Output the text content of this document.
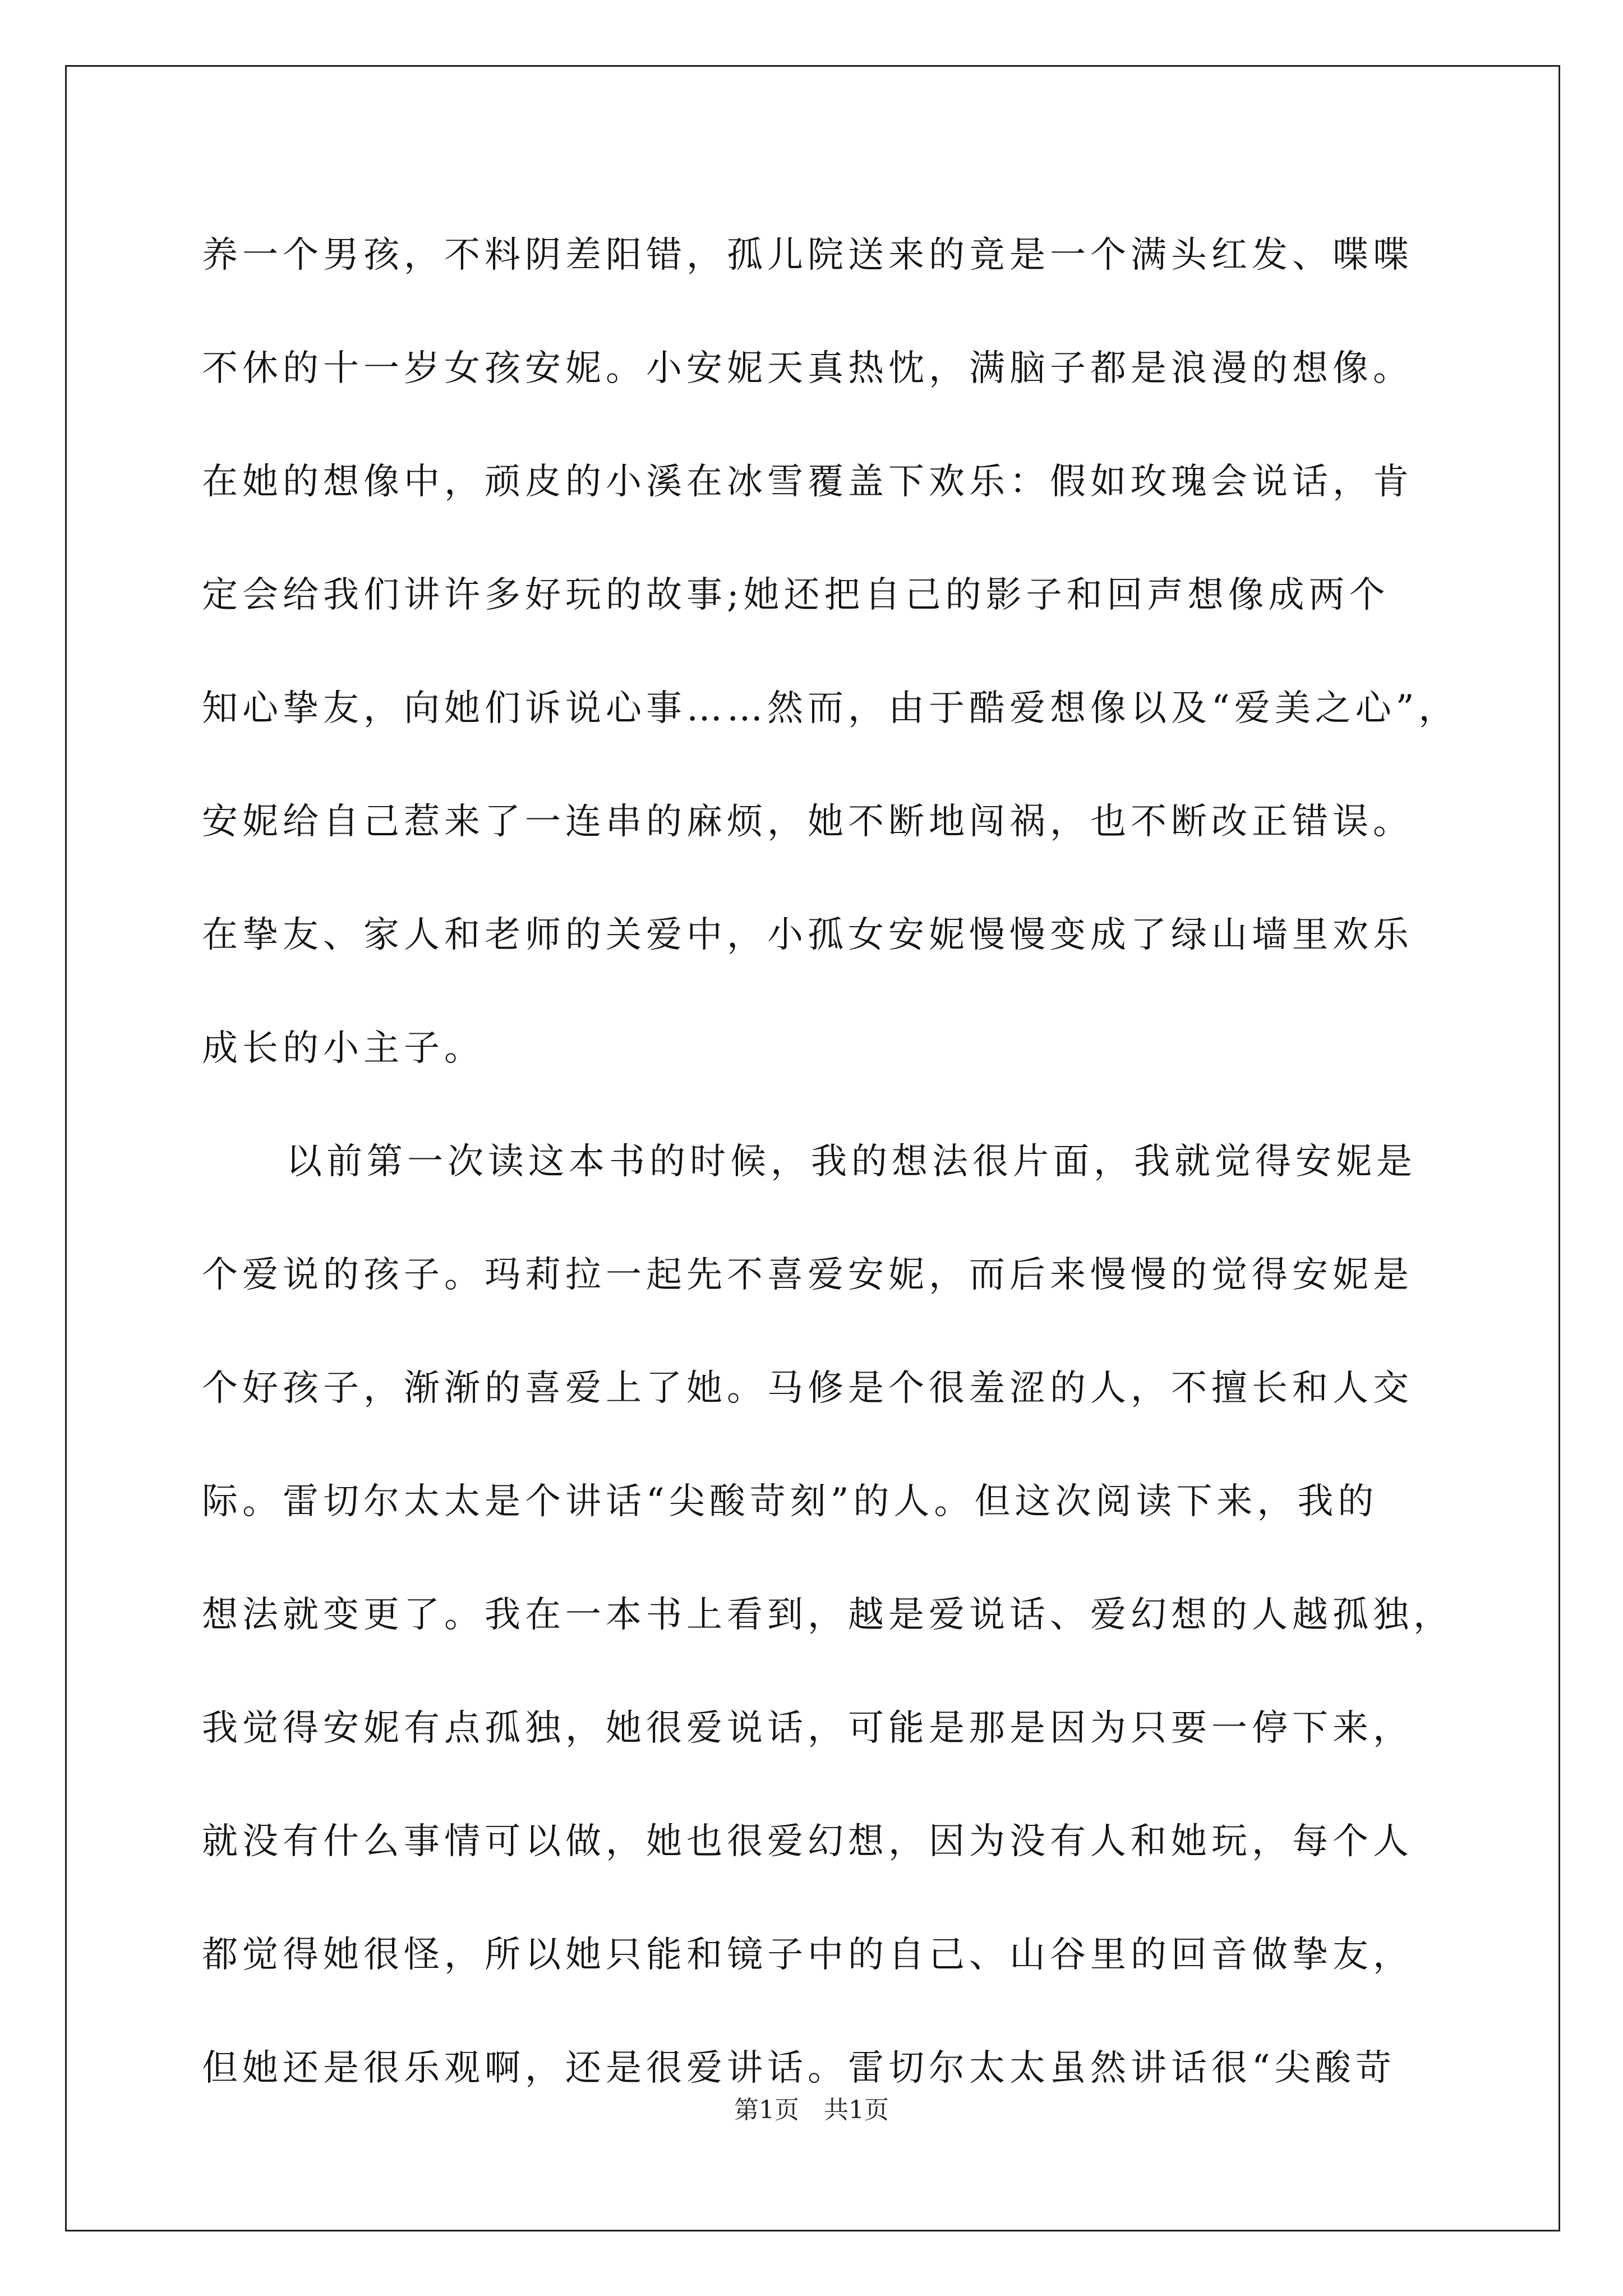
养一个男孩，不料阴差阳错，孤儿院送来的竟是一个满头红发、喋喋
不休的十一岁女孩安妮。小安妮天真热忱，满脑子都是浪漫的想像。
在她的想像中，顽皮的小溪在冰雪覆盖下欢乐：假如玫瑰会说话，肯
定会给我们讲许多好玩的故事;她还把自己的影子和回声想像成两个
知心挚友，向她们诉说心事……然而，由于酷爱想像以及“爱美之心”，
安妮给自己惹来了一连串的麻烦，她不断地闯祸，也不断改正错误。
在挚友、家人和老师的关爱中，小孤女安妮慢慢变成了绿山墙里欢乐
成长的小主子。
以前第一次读这本书的时候，我的想法很片面，我就觉得安妮是
个爱说的孩子。玛莉拉一起先不喜爱安妮，而后来慢慢的觉得安妮是
个好孩子，渐渐的喜爱上了她。马修是个很羞涩的人，不擅长和人交
际。雷切尔太太是个讲话“尖酸苛刻”的人。但这次阅读下来，我的
想法就变更了。我在一本书上看到，越是爱说话、爱幻想的人越孤独，
我觉得安妮有点孤独，她很爱说话，可能是那是因为只要一停下来，
就没有什么事情可以做，她也很爱幻想，因为没有人和她玩，每个人
都觉得她很怪，所以她只能和镜子中的自己、山谷里的回音做挚友，
但她还是很乐观啊，还是很爱讲话。雷切尔太太虽然讲话很“尖酸苛
第1页　共1页
